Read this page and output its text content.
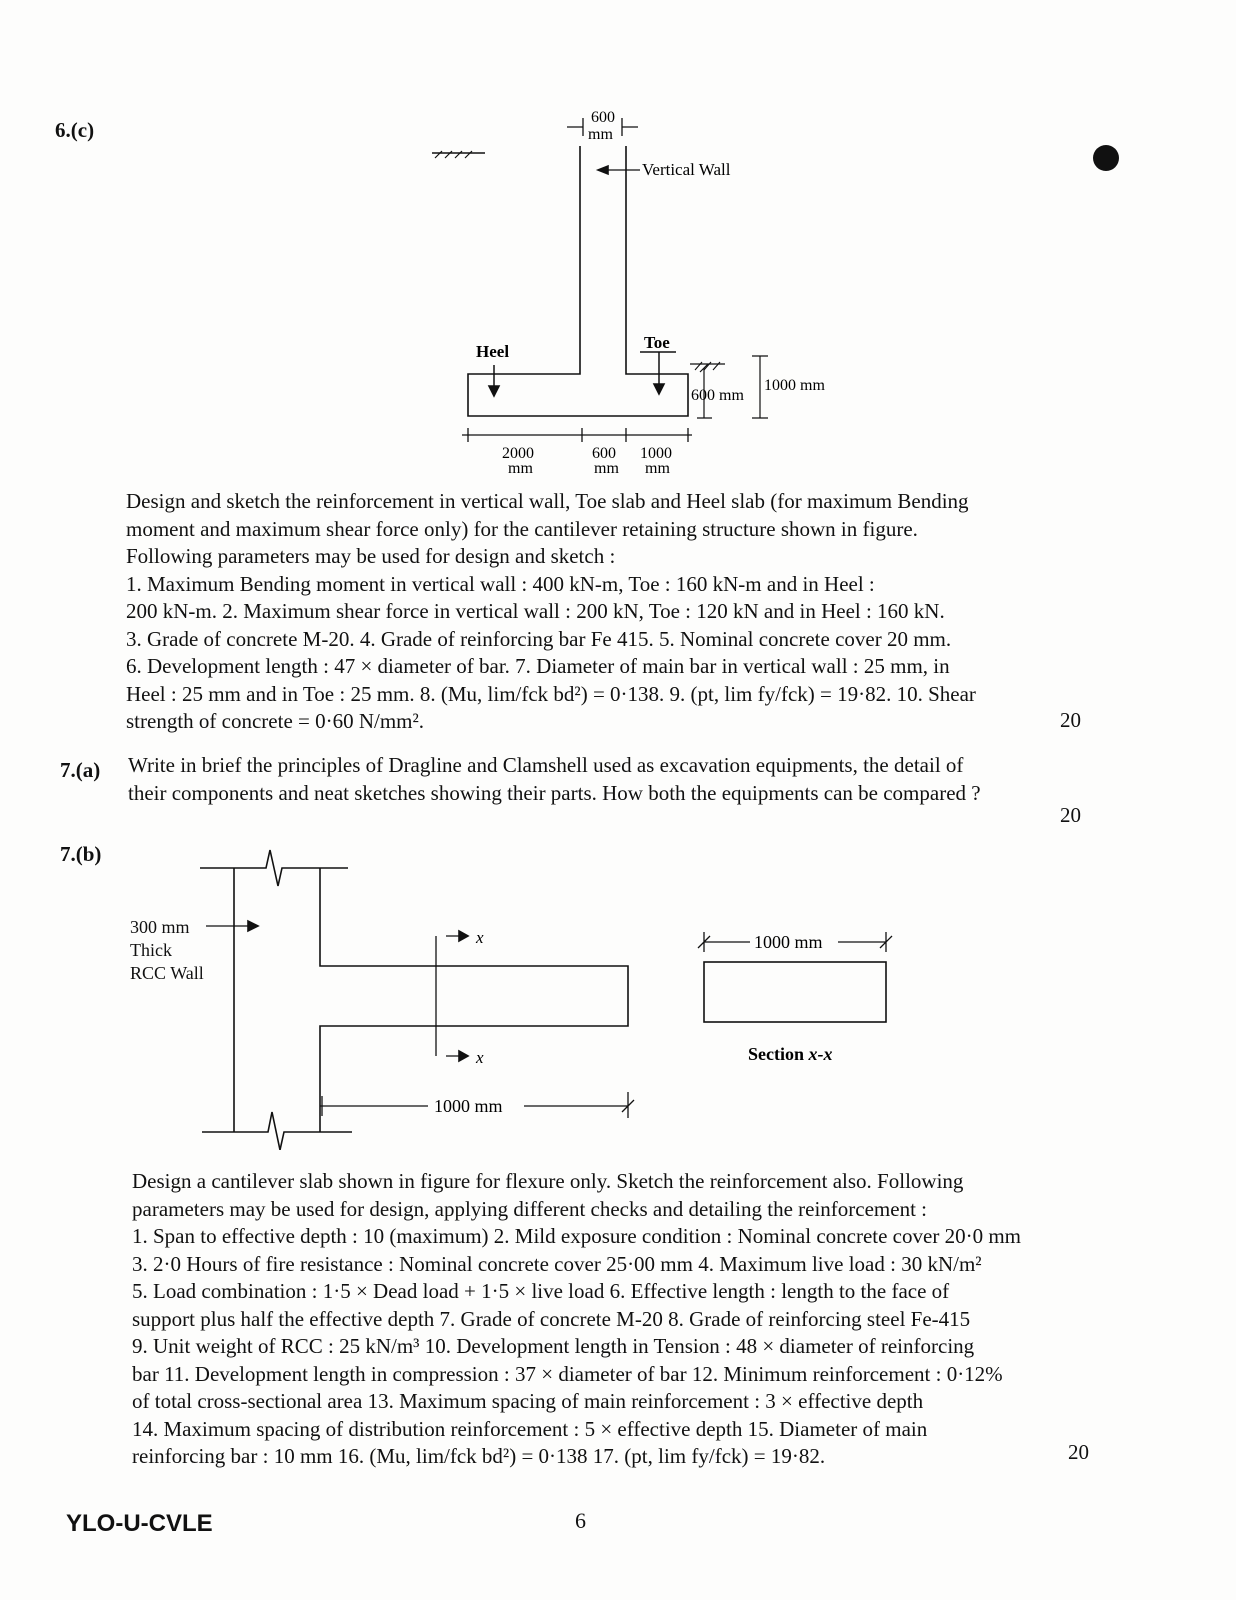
6.(c)
600
mm
Vertical Wall
Heel	Toe
600 mm
1000 mm
2000
mm
600
mm
1000
mm

Design and sketch the reinforcement in vertical wall, Toe slab and Heel slab (for maximum Bending

moment and maximum shear force only) for the cantilever retaining structure shown in figure.

Following parameters may be used for design and sketch :

1. Maximum Bending moment in vertical wall : 400 kN-m, Toe : 160 kN-m and in Heel :

200 kN-m. 2. Maximum shear force in vertical wall : 200 kN, Toe : 120 kN and in Heel : 160 kN.

3. Grade of concrete M-20. 4. Grade of reinforcing bar Fe 415. 5. Nominal concrete cover 20 mm.

6. Development length : 47 × diameter of bar. 7. Diameter of main bar in vertical wall : 25 mm, in

Heel : 25 mm and in Toe : 25 mm. 8. (Mu, lim/fck bd²) = 0·138. 9. (pt, lim fy/fck) = 19·82. 10. Shear

strength of concrete = 0·60 N/mm².	20
7.(a) Write in brief the principles of Dragline and Clamshell used as excavation equipments, the detail of

their components and neat sketches showing their parts. How both the equipments can be compared ?

20
7.(b)
x
x
1000 mm
1000 mm
Section x-x
300 mm
Thick
RCC Wall

Design a cantilever slab shown in figure for flexure only. Sketch the reinforcement also. Following

parameters may be used for design, applying different checks and detailing the reinforcement :

1. Span to effective depth : 10 (maximum) 2. Mild exposure condition : Nominal concrete cover 20·0 mm

3. 2·0 Hours of fire resistance : Nominal concrete cover 25·00 mm 4. Maximum live load : 30 kN/m²

5. Load combination : 1·5 × Dead load + 1·5 × live load 6. Effective length : length to the face of

support plus half the effective depth 7. Grade of concrete M-20 8. Grade of reinforcing steel Fe-415

9. Unit weight of RCC : 25 kN/m³ 10. Development length in Tension : 48 × diameter of reinforcing

bar 11. Development length in compression : 37 × diameter of bar 12. Minimum reinforcement : 0·12%

of total cross-sectional area 13. Maximum spacing of main reinforcement : 3 × effective depth

14. Maximum spacing of distribution reinforcement : 5 × effective depth 15. Diameter of main

reinforcing bar : 10 mm 16. (Mu, lim/fck bd²) = 0·138 17. (pt, lim fy/fck) = 19·82.	20
YLO-U-CVLE	6
